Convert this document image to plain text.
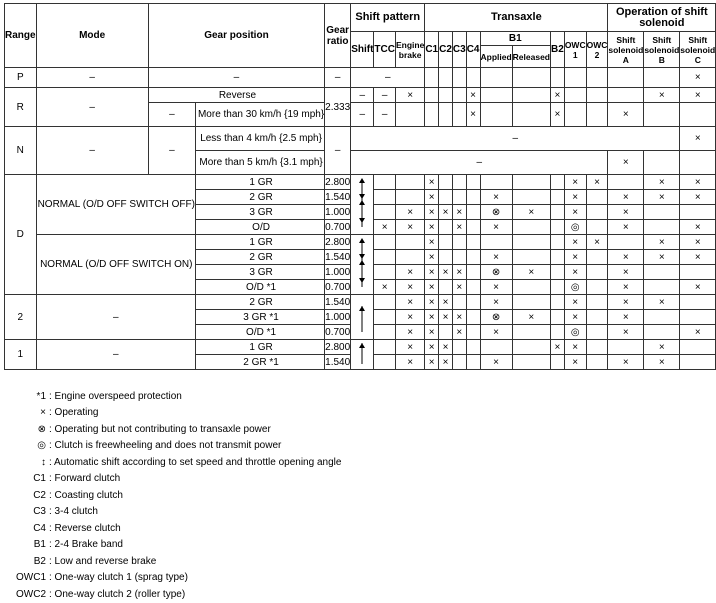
Range	Mode	Gear position		Gear ratio	Shift pattern			Transaxle									Operation of shift solenoid		
					Shift	TCC	Engine brake	C1	C2	C3	C4	B1		B2	OWC 1	OWC 2	Shift solenoid A	Shift solenoid B	Shift solenoid C
												Applied	Released						
P	–	–		–	–														×
R	–	Reverse		2.333	–	–	×				×			×				×	×
		–	More than 30 km/h {19 mph}		–	–					×			×			×		
N	–	–	Less than 4 km/h {2.5 mph}	–	–														×
			More than 5 km/h {3.1 mph}		–												×		
D	NORMAL (O/D OFF SWITCH OFF)		1 GR	2.800				×							×	×		×	×
			2 GR	1.540				×				×			×		×	×	×
			3 GR	1.000			×	×	×	×		⊗	×		×		×		
			O/D	0.700		×	×	×		×		×			◎		×		×
	NORMAL (O/D OFF SWITCH ON)		1 GR	2.800				×							×	×		×	×
			2 GR	1.540				×				×			×		×	×	×
			3 GR	1.000			×	×	×	×		⊗	×		×		×		
			O/D *1	0.700		×	×	×		×		×			◎		×		×
2	–		2 GR	1.540			×	×	×			×			×		×	×	
			3 GR *1	1.000			×	×	×	×		⊗	×		×		×		
			O/D *1	0.700			×	×		×		×			◎		×		×
1	–		1 GR	2.800			×	×	×					×	×			×	
			2 GR *1	1.540			×	×	×			×			×		×	×	
*1 : Engine overspeed protection
× : Operating
⊗ : Operating but not contributing to transaxle power
◎ : Clutch is freewheeling and does not transmit power
↕ : Automatic shift according to set speed and throttle opening angle
C1 : Forward clutch
C2 : Coasting clutch
C3 : 3-4 clutch
C4 : Reverse clutch
B1 : 2-4 Brake band
B2 : Low and reverse brake
OWC1 : One-way clutch 1 (sprag type)
OWC2 : One-way clutch 2 (roller type)
